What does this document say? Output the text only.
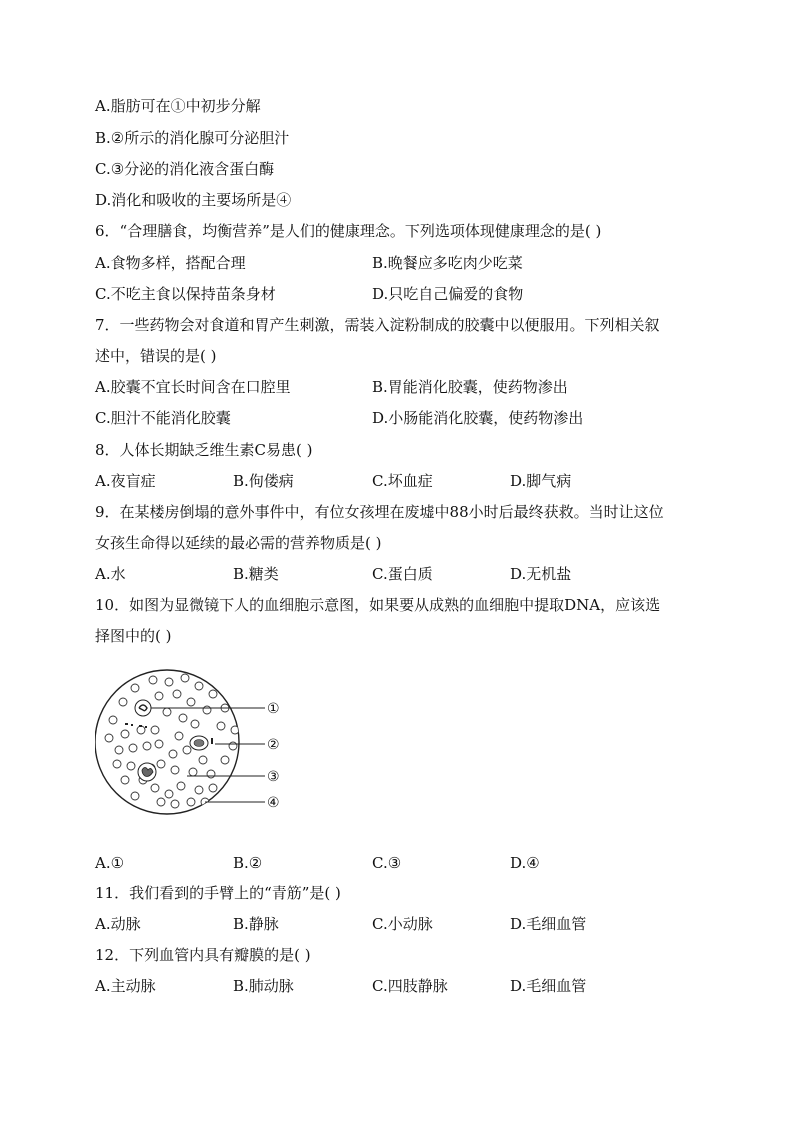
A.脂肪可在①中初步分解
B.②所示的消化腺可分泌胆汁
C.③分泌的消化液含蛋白酶
D.消化和吸收的主要场所是④
6．“合理膳食，均衡营养”是人们的健康理念。下列选项体现健康理念的是( )
A.食物多样，搭配合理	B.晚餐应多吃肉少吃菜
C.不吃主食以保持苗条身材	D.只吃自己偏爱的食物
7．一些药物会对食道和胃产生刺激，需装入淀粉制成的胶囊中以便服用。下列相关叙
述中，错误的是( )
A.胶囊不宜长时间含在口腔里	B.胃能消化胶囊，使药物渗出
C.胆汁不能消化胶囊	D.小肠能消化胶囊，使药物渗出
8．人体长期缺乏维生素C易患( )
A.夜盲症	B.佝偻病	C.坏血症	D.脚气病
9．在某楼房倒塌的意外事件中，有位女孩埋在废墟中88小时后最终获救。当时让这位
女孩生命得以延续的最必需的营养物质是( )
A.水	B.糖类	C.蛋白质	D.无机盐
10．如图为显微镜下人的血细胞示意图，如果要从成熟的血细胞中提取DNA，应该选
择图中的( )
①
②
③
④
A.①	B.②	C.③	D.④
11．我们看到的手臂上的“青筋”是( )
A.动脉	B.静脉	C.小动脉	D.毛细血管
12．下列血管内具有瓣膜的是( )
A.主动脉	B.肺动脉	C.四肢静脉	D.毛细血管
